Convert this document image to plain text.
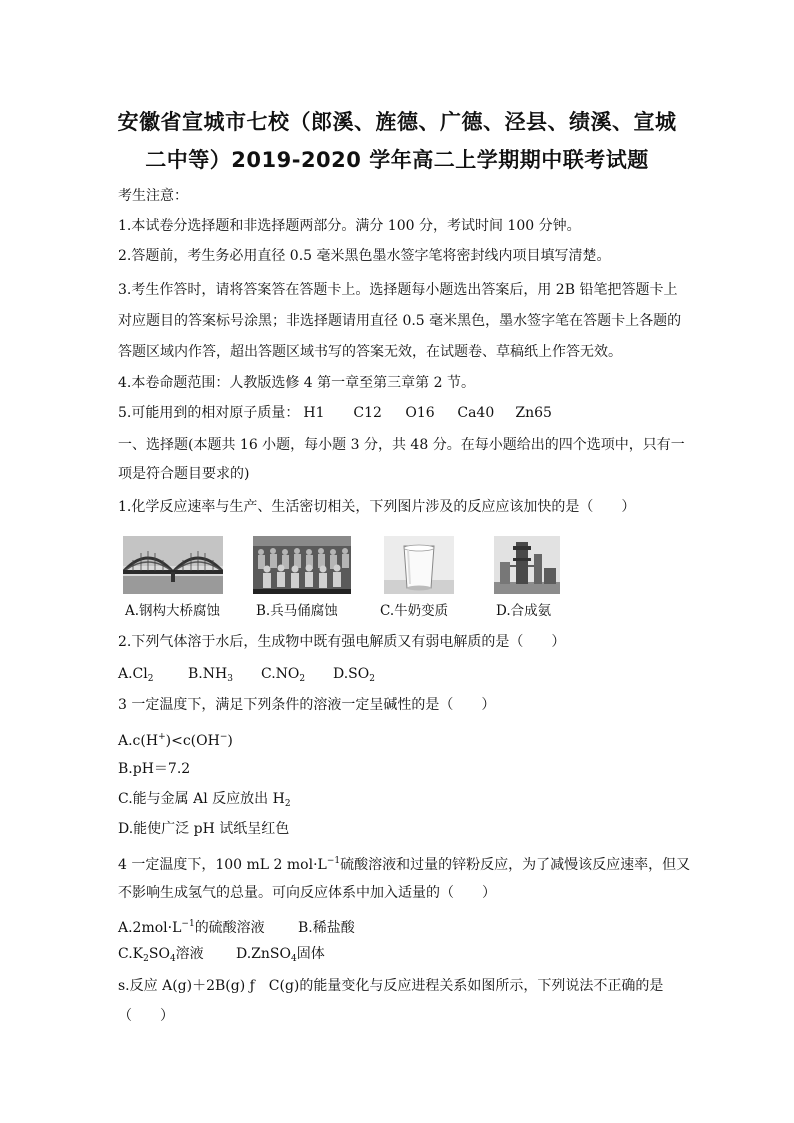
安徽省宣城市七校（郎溪、旌德、广德、泾县、绩溪、宣城
二中等）2019-2020 学年高二上学期期中联考试题
考生注意：
1.本试卷分选择题和非选择题两部分。满分 100 分，考试时间 100 分钟。
2.答题前，考生务必用直径 0.5 毫米黑色墨水签字笔将密封线内项目填写清楚。
3.考生作答时，请将答案答在答题卡上。选择题每小题选出答案后，用 2B 铅笔把答题卡上
对应题目的答案标号涂黑；非选择题请用直径 0.5 毫米黑色，墨水签字笔在答题卡上各题的
答题区域内作答，超出答题区域书写的答案无效，在试题卷、草稿纸上作答无效。
4.本卷命题范围：人教版选修 4 第一章至第三章第 2 节。
5.可能用到的相对原子质量： H1 C12 O16 Ca40 Zn65
一、选择题(本题共 16 小题，每小题 3 分，共 48 分。在每小题给出的四个选项中，只有一
项是符合题目要求的)
1.化学反应速率与生产、生活密切相关，下列图片涉及的反应应该加快的是（　　）
A.钢构大桥腐蚀	B.兵马俑腐蚀	C.牛奶变质	D.合成氨
2.下列气体溶于水后，生成物中既有强电解质又有弱电解质的是（　　）
$A.Cl_2$ $B.NH_3$ $C.NO_2$ $D.SO_2$
3 一定温度下，满足下列条件的溶液一定呈碱性的是（　　）
A.c(H+)<c(OH−)
B.pH＝7.2
C.能与金属 Al 反应放出 $H_2$
D.能使广泛 pH 试纸呈红色
4 一定温度下，100 mL 2 $mol\cdot L^{-1}$硫酸溶液和过量的锌粉反应，为了减慢该反应速率，但又
不影响生成氢气的总量。可向反应体系中加入适量的（　　）
$A.2mol\cdot L^{-1}$的硫酸溶液 B.稀盐酸
$C.K_2SO_4$溶液 D.ZnSO$_4$固体
s.反应 A(g)＋2B(g) ƒ　C(g)的能量变化与反应进程关系如图所示，下列说法不正确的是
（　　）
